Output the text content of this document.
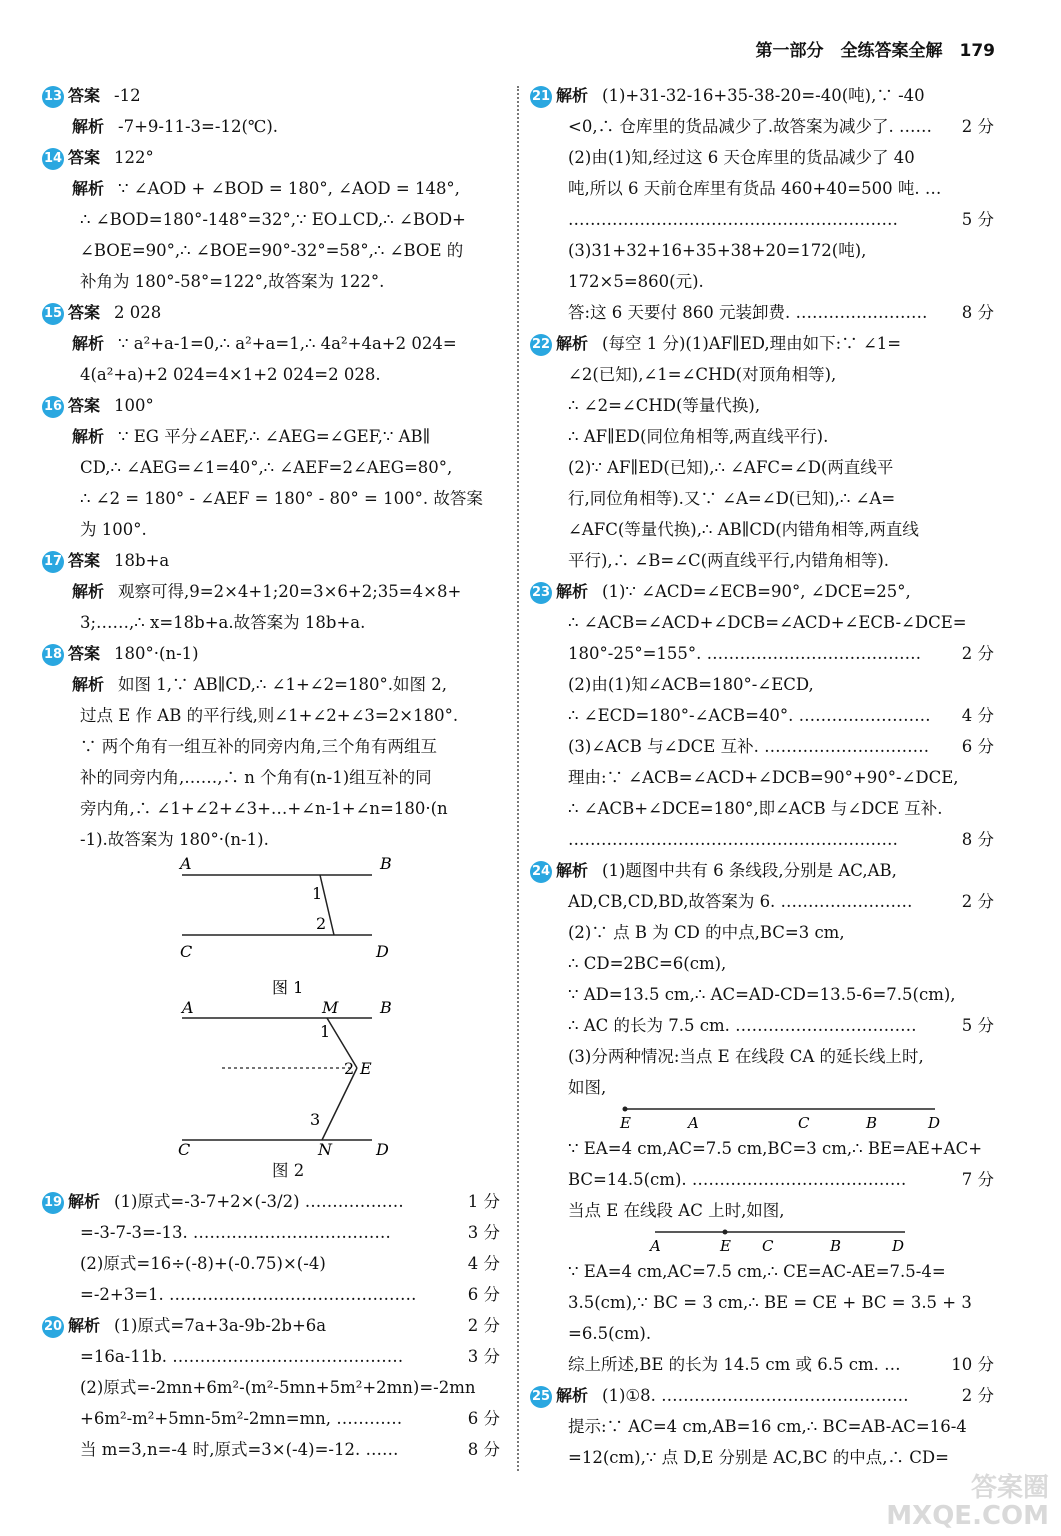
第一部分　全练答案全解　179
13 答案 -12
解析 -7+9-11-3=-12(℃).
14 答案 122°
解析 ∵ ∠AOD + ∠BOD = 180°, ∠AOD = 148°,
∴ ∠BOD=180°-148°=32°,∵ EO⊥CD,∴ ∠BOD+
∠BOE=90°,∴ ∠BOE=90°-32°=58°,∴ ∠BOE 的
补角为 180°-58°=122°,故答案为 122°.
15 答案 2 028
解析 ∵ a²+a-1=0,∴ a²+a=1,∴ 4a²+4a+2 024=
4(a²+a)+2 024=4×1+2 024=2 028.
16 答案 100°
解析 ∵ EG 平分∠AEF,∴ ∠AEG=∠GEF,∵ AB∥
CD,∴ ∠AEG=∠1=40°,∴ ∠AEF=2∠AEG=80°,
∴ ∠2 = 180° - ∠AEF = 180° - 80° = 100°. 故答案
为 100°.
17 答案 18b+a
解析 观察可得,9=2×4+1;20=3×6+2;35=4×8+
3;……,∴ x=18b+a.故答案为 18b+a.
18 答案 180°·(n-1)
解析 如图 1,∵ AB∥CD,∴ ∠1+∠2=180°.如图 2,
过点 E 作 AB 的平行线,则∠1+∠2+∠3=2×180°.
∵ 两个角有一组互补的同旁内角,三个角有两组互
补的同旁内角,……,∴ n 个角有(n-1)组互补的同
旁内角,∴ ∠1+∠2+∠3+…+∠n-1+∠n=180·(n
-1).故答案为 180°·(n-1).
A	B
C	D
1
2
图 1
A	M	B
1
2 E
3
C	N	D
图 2
19 解析 (1)原式=-3-7+2×(-3/2) ………………	1 分
=-3-7-3=-13. ………………………………	3 分
(2)原式=16÷(-8)+(-0.75)×(-4)	4 分
=-2+3=1. ………………………………………	6 分
20 解析 (1)原式=7a+3a-9b-2b+6a	2 分
=16a-11b. ……………………………………	3 分
(2)原式=-2mn+6m²-(m²-5mn+5m²+2mn)=-2mn
+6m²-m²+5mn-5m²-2mn=mn, …………	6 分
当 m=3,n=-4 时,原式=3×(-4)=-12. ……	8 分
21 解析 (1)+31-32-16+35-38-20=-40(吨),∵ -40
<0,∴ 仓库里的货品减少了.故答案为减少了. …… 2 分
(2)由(1)知,经过这 6 天仓库里的货品减少了 40
吨,所以 6 天前仓库里有货品 460+40=500 吨. …
……………………………………………………	5 分
(3)31+32+16+35+38+20=172(吨),
172×5=860(元).
答:这 6 天要付 860 元装卸费. …………………… 8 分
22 解析 (每空 1 分)(1)AF∥ED,理由如下:∵ ∠1=
∠2(已知),∠1=∠CHD(对顶角相等),
∴ ∠2=∠CHD(等量代换),
∴ AF∥ED(同位角相等,两直线平行).
(2)∵ AF∥ED(已知),∴ ∠AFC=∠D(两直线平
行,同位角相等).又∵ ∠A=∠D(已知),∴ ∠A=
∠AFC(等量代换),∴ AB∥CD(内错角相等,两直线
平行),∴ ∠B=∠C(两直线平行,内错角相等).
23 解析 (1)∵ ∠ACD=∠ECB=90°, ∠DCE=25°,
∴ ∠ACB=∠ACD+∠DCB=∠ACD+∠ECB-∠DCE=
180°-25°=155°. ………………………………… 2 分
(2)由(1)知∠ACB=180°-∠ECD,
∴ ∠ECD=180°-∠ACB=40°. …………………… 4 分
(3)∠ACB 与∠DCE 互补. ………………………… 6 分
理由:∵ ∠ACB=∠ACD+∠DCB=90°+90°-∠DCE,
∴ ∠ACB+∠DCE=180°,即∠ACB 与∠DCE 互补.
……………………………………………………	8 分
24 解析 (1)题图中共有 6 条线段,分别是 AC,AB,
AD,CB,CD,BD,故答案为 6. ……………………	2 分
(2)∵ 点 B 为 CD 的中点,BC=3 cm,
∴ CD=2BC=6(cm),
∵ AD=13.5 cm,∴ AC=AD-CD=13.5-6=7.5(cm),
∴ AC 的长为 7.5 cm. ……………………………	5 分
(3)分两种情况:当点 E 在线段 CA 的延长线上时,
如图,
E	A	C	B	D
∵ EA=4 cm,AC=7.5 cm,BC=3 cm,∴ BE=AE+AC+
BC=14.5(cm). …………………………………	7 分
当点 E 在线段 AC 上时,如图,
A	E C	B	D
∵ EA=4 cm,AC=7.5 cm,∴ CE=AC-AE=7.5-4=
3.5(cm),∵ BC = 3 cm,∴ BE = CE + BC = 3.5 + 3
=6.5(cm).
综上所述,BE 的长为 14.5 cm 或 6.5 cm. …	10 分
25 解析 (1)①8. ………………………………………	2 分
提示:∵ AC=4 cm,AB=16 cm,∴ BC=AB-AC=16-4
=12(cm),∵ 点 D,E 分别是 AC,BC 的中点,∴ CD=
答案圈
MXQE.COM
